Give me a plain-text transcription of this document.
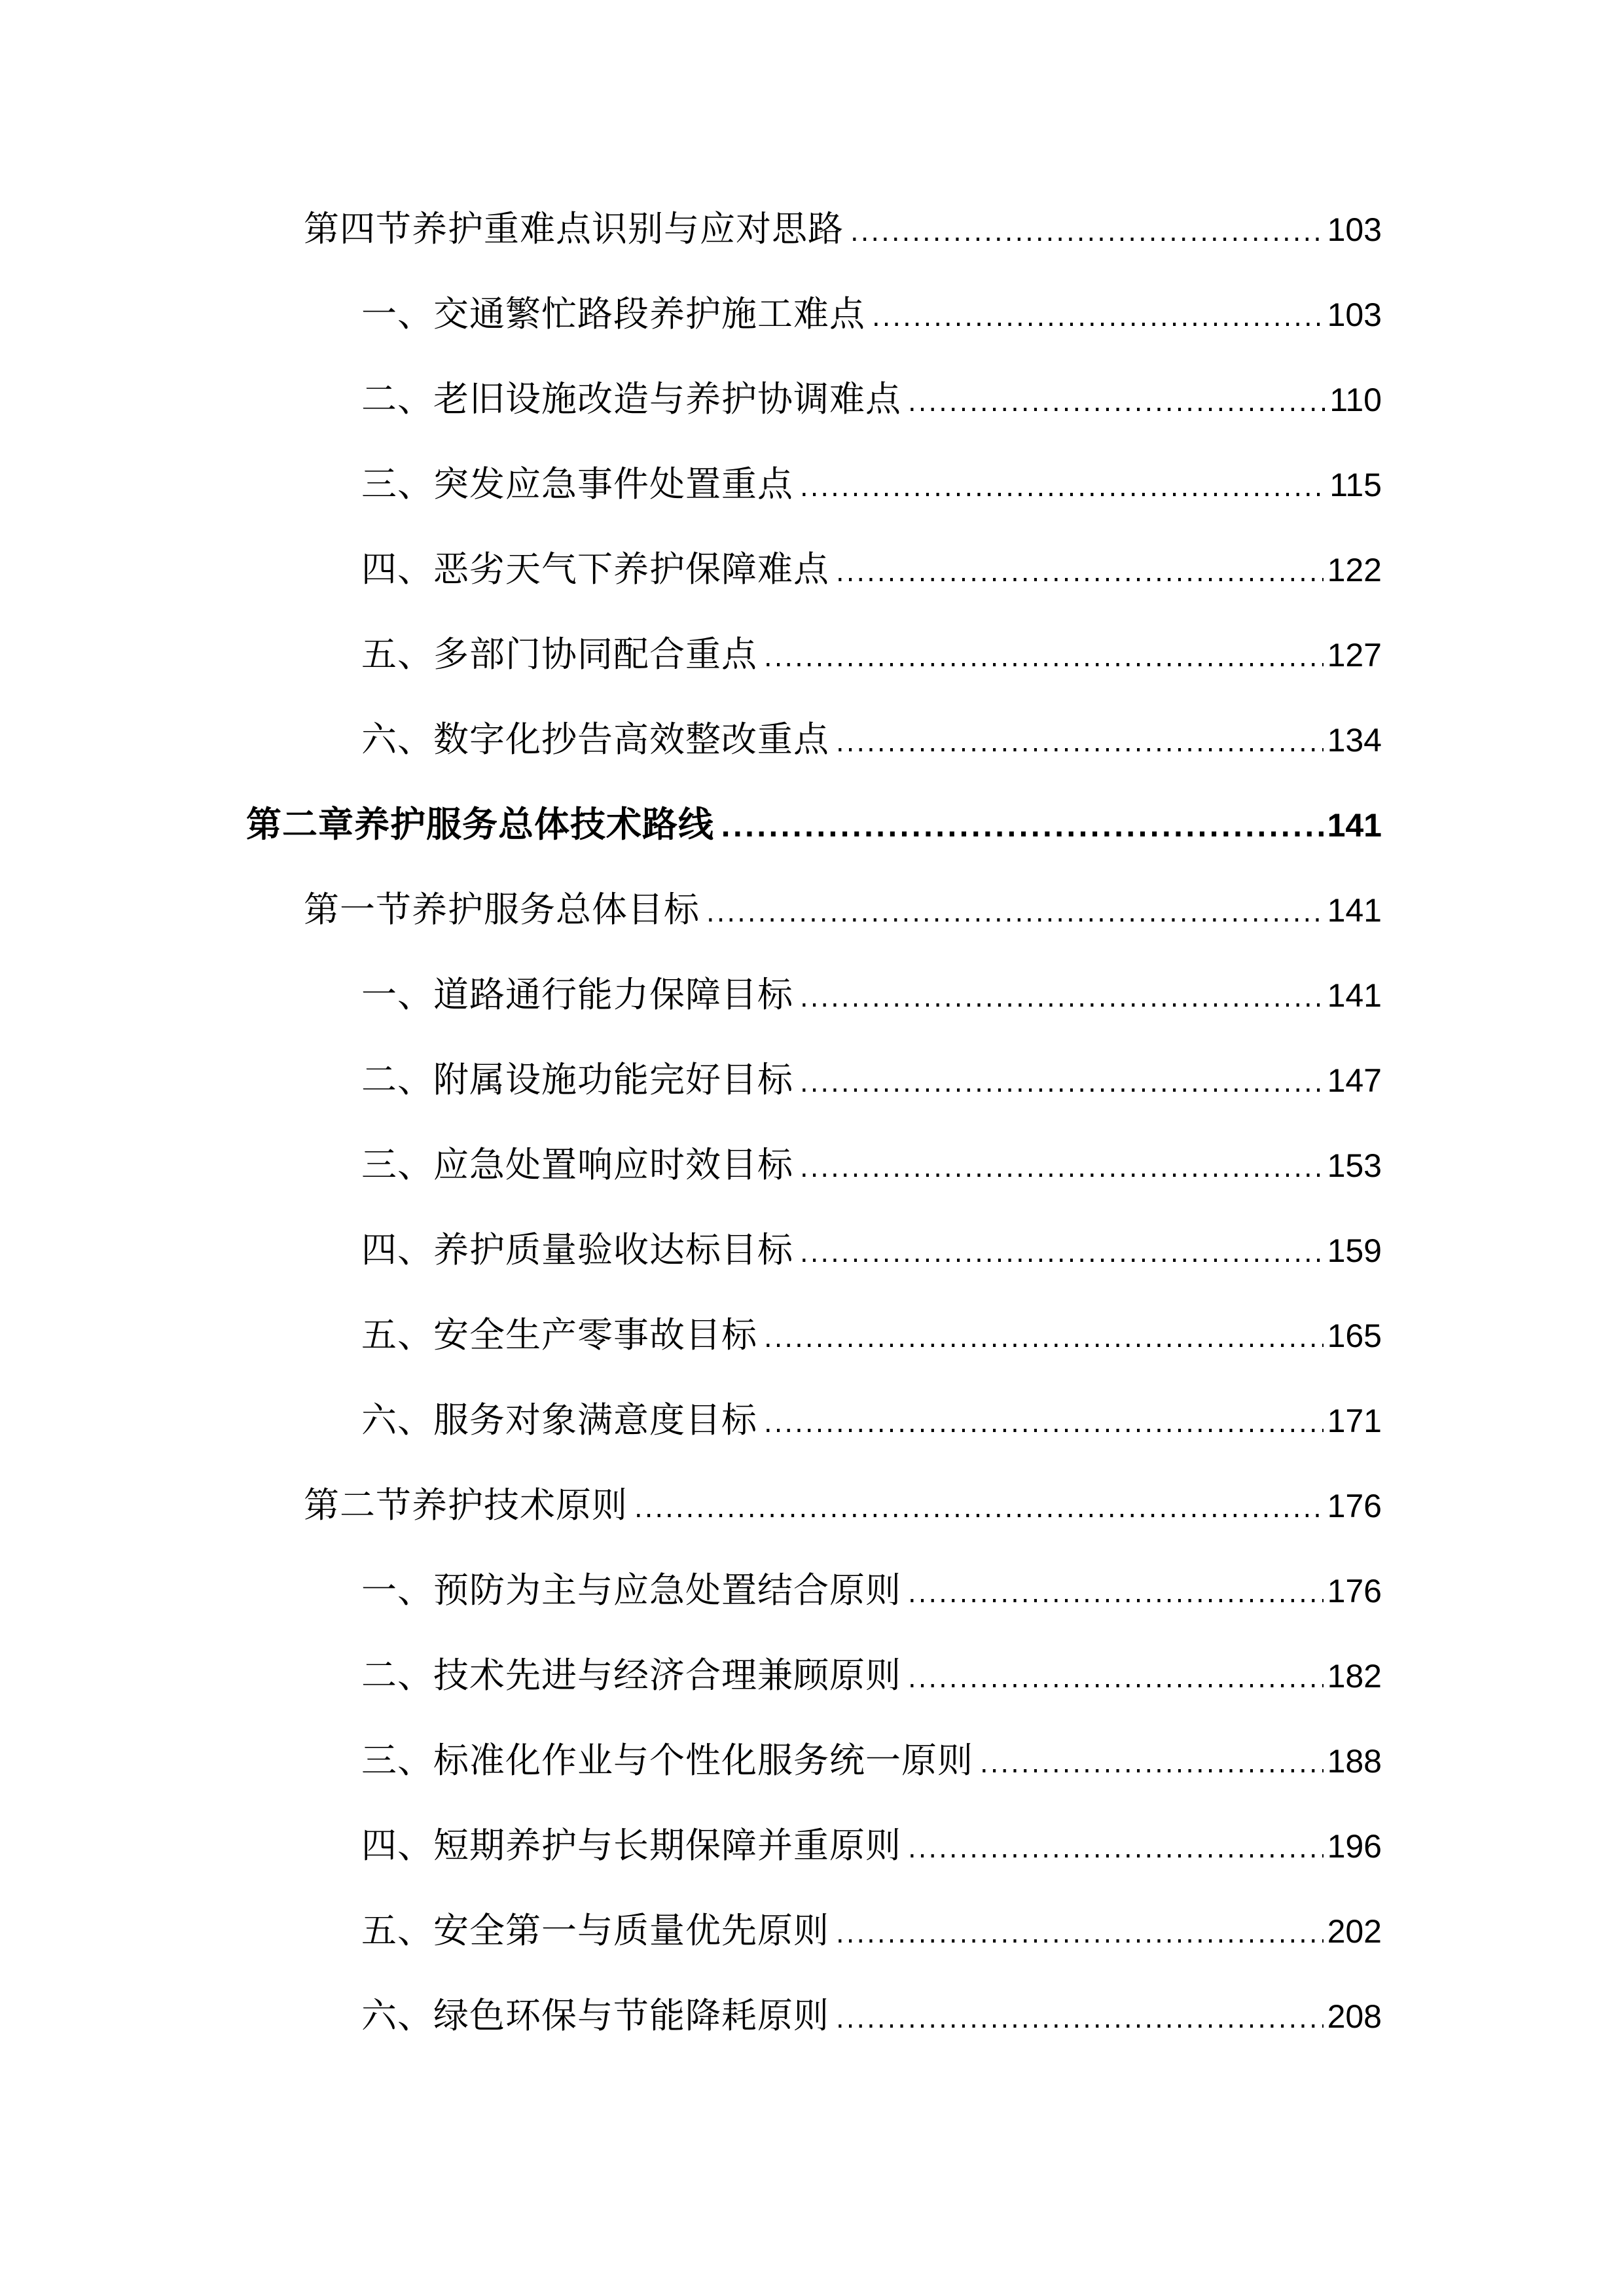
第四节养护重难点识别与应对思路 .....	103
一、交通繁忙路段养护施工难点 .....	103
二、老旧设施改造与养护协调难点 .....	110
三、突发应急事件处置重点 .....	115
四、恶劣天气下养护保障难点 .....	122
五、多部门协同配合重点 .....	127
六、数字化抄告高效整改重点 .....	134
第二章养护服务总体技术路线 .....	141
第一节养护服务总体目标 .....	141
一、道路通行能力保障目标 .....	141
二、附属设施功能完好目标 .....	147
三、应急处置响应时效目标 .....	153
四、养护质量验收达标目标 .....	159
五、安全生产零事故目标 .....	165
六、服务对象满意度目标 .....	171
第二节养护技术原则 .....	176
一、预防为主与应急处置结合原则 .....	176
二、技术先进与经济合理兼顾原则 .....	182
三、标准化作业与个性化服务统一原则 .....	188
四、短期养护与长期保障并重原则 .....	196
五、安全第一与质量优先原则 .....	202
六、绿色环保与节能降耗原则 .....	208
